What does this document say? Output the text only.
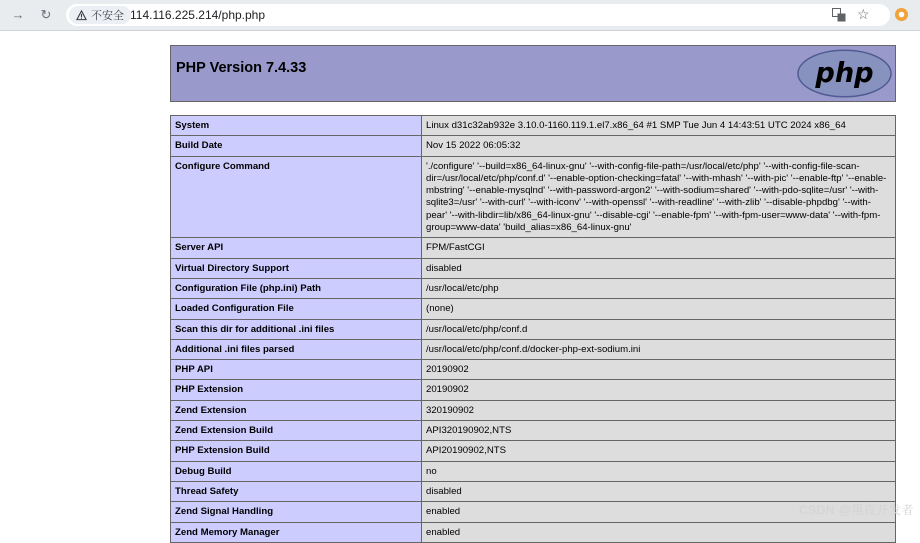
→ ↻	不安全 114.116.225.214/php.php	☆
PHP Version 7.4.33	php
System	Linux d31c32ab932e 3.10.0-1160.119.1.el7.x86_64 #1 SMP Tue Jun 4 14:43:51 UTC 2024 x86_64
Build Date	Nov 15 2022 06:05:32
Configure Command	'./configure' '--build=x86_64-linux-gnu' '--with-config-file-path=/usr/local/etc/php' '--with-config-file-scan-dir=/usr/local/etc/php/conf.d' '--enable-option-checking=fatal' '--with-mhash' '--with-pic' '--enable-ftp' '--enable-mbstring' '--enable-mysqlnd' '--with-password-argon2' '--with-sodium=shared' '--with-pdo-sqlite=/usr' '--with-sqlite3=/usr' '--with-curl' '--with-iconv' '--with-openssl' '--with-readline' '--with-zlib' '--disable-phpdbg' '--with-pear' '--with-libdir=lib/x86_64-linux-gnu' '--disable-cgi' '--enable-fpm' '--with-fpm-user=www-data' '--with-fpm-group=www-data' 'build_alias=x86_64-linux-gnu'
Server API	FPM/FastCGI
Virtual Directory Support	disabled
Configuration File (php.ini) Path	/usr/local/etc/php
Loaded Configuration File	(none)
Scan this dir for additional .ini files	/usr/local/etc/php/conf.d
Additional .ini files parsed	/usr/local/etc/php/conf.d/docker-php-ext-sodium.ini
PHP API	20190902
PHP Extension	20190902
Zend Extension	320190902
Zend Extension Build	API320190902,NTS
PHP Extension Build	API20190902,NTS
Debug Build	no
Thread Safety	disabled
Zend Signal Handling	enabled
Zend Memory Manager	enabled
CSDN @黑夜开发者
